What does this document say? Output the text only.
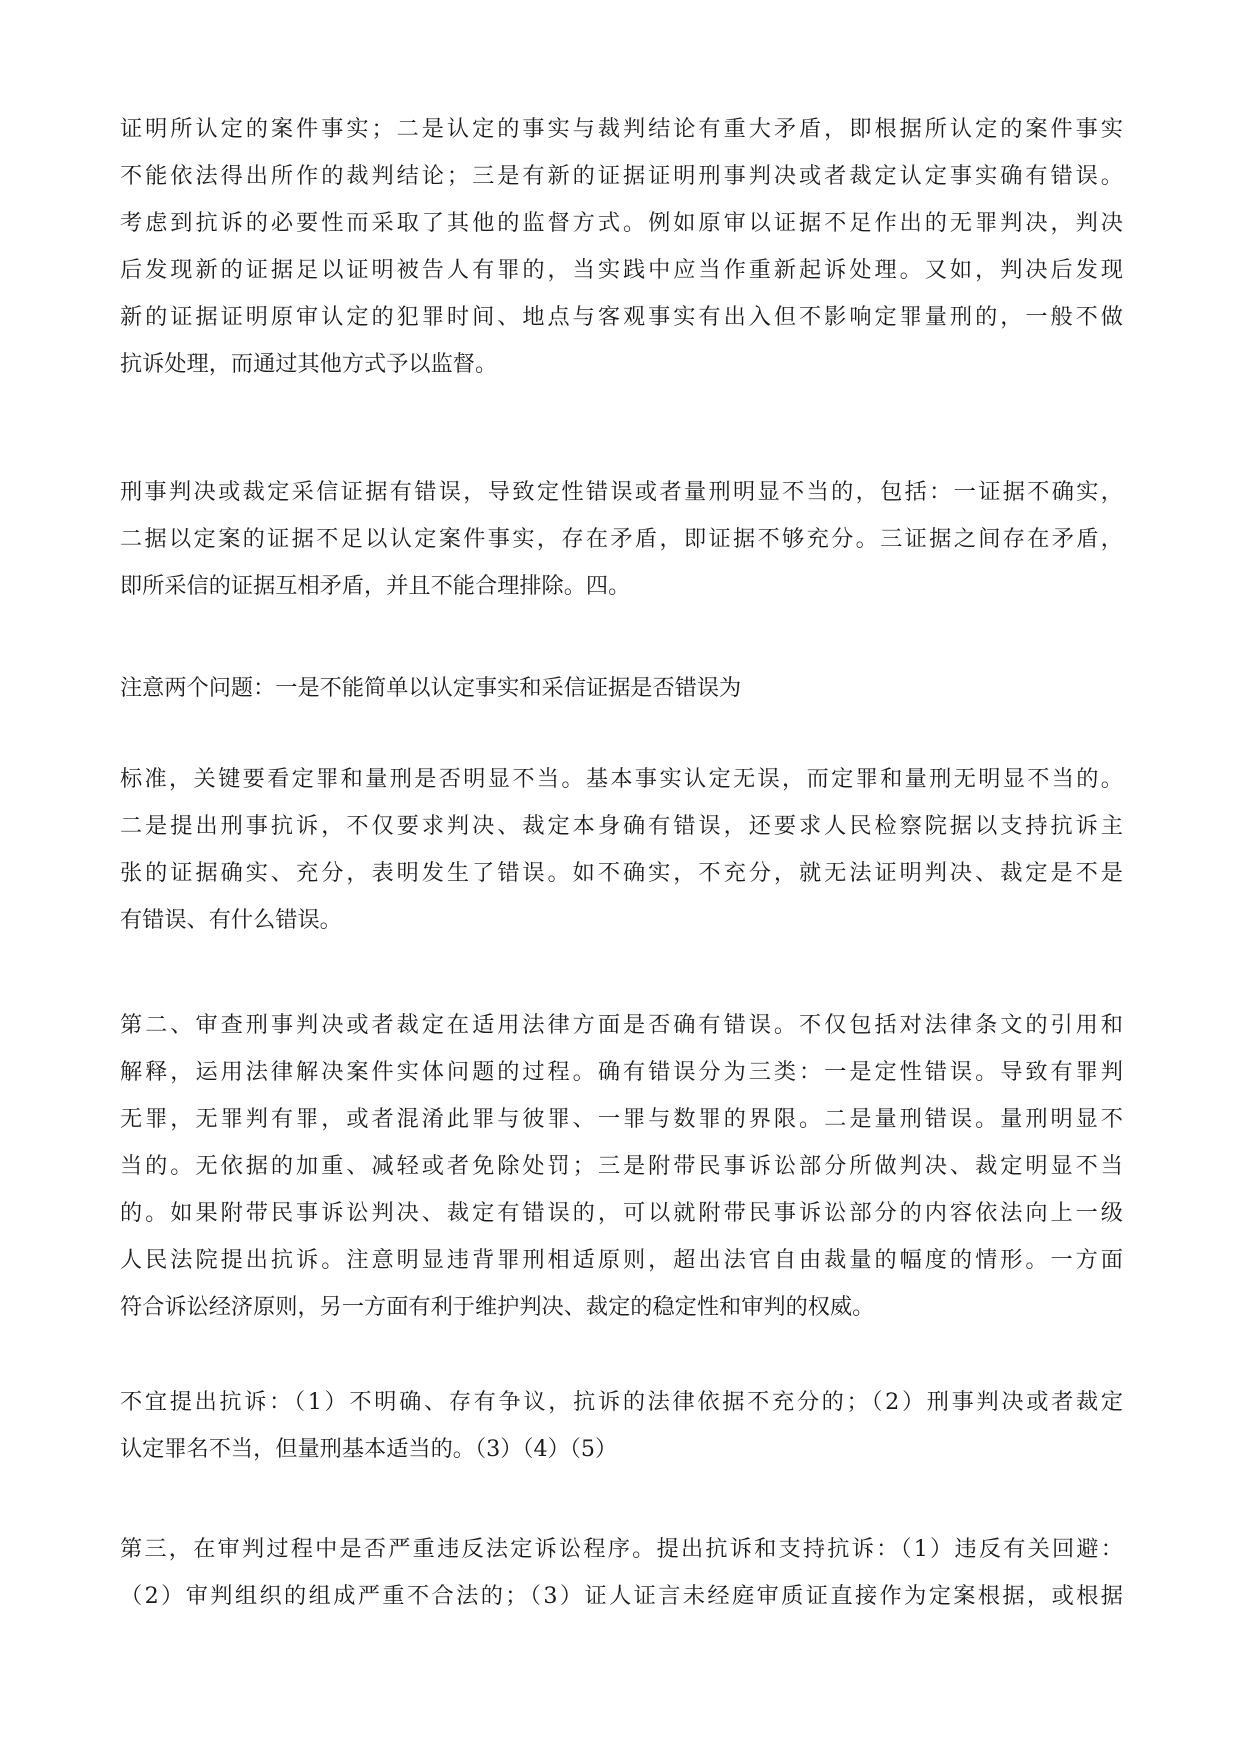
证明所认定的案件事实；二是认定的事实与裁判结论有重大矛盾，即根据所认定的案件事实
不能依法得出所作的裁判结论；三是有新的证据证明刑事判决或者裁定认定事实确有错误。
考虑到抗诉的必要性而采取了其他的监督方式。例如原审以证据不足作出的无罪判决，判决
后发现新的证据足以证明被告人有罪的，当实践中应当作重新起诉处理。又如，判决后发现
新的证据证明原审认定的犯罪时间、地点与客观事实有出入但不影响定罪量刑的，一般不做
抗诉处理，而通过其他方式予以监督。
刑事判决或裁定采信证据有错误，导致定性错误或者量刑明显不当的，包括：一证据不确实，
二据以定案的证据不足以认定案件事实，存在矛盾，即证据不够充分。三证据之间存在矛盾，
即所采信的证据互相矛盾，并且不能合理排除。四。
注意两个问题：一是不能简单以认定事实和采信证据是否错误为
标准，关键要看定罪和量刑是否明显不当。基本事实认定无误，而定罪和量刑无明显不当的。
二是提出刑事抗诉，不仅要求判决、裁定本身确有错误，还要求人民检察院据以支持抗诉主
张的证据确实、充分，表明发生了错误。如不确实，不充分，就无法证明判决、裁定是不是
有错误、有什么错误。
第二、审查刑事判决或者裁定在适用法律方面是否确有错误。不仅包括对法律条文的引用和
解释，运用法律解决案件实体问题的过程。确有错误分为三类：一是定性错误。导致有罪判
无罪，无罪判有罪，或者混淆此罪与彼罪、一罪与数罪的界限。二是量刑错误。量刑明显不
当的。无依据的加重、减轻或者免除处罚；三是附带民事诉讼部分所做判决、裁定明显不当
的。如果附带民事诉讼判决、裁定有错误的，可以就附带民事诉讼部分的内容依法向上一级
人民法院提出抗诉。注意明显违背罪刑相适原则，超出法官自由裁量的幅度的情形。一方面
符合诉讼经济原则，另一方面有利于维护判决、裁定的稳定性和审判的权威。
不宜提出抗诉：（1）不明确、存有争议，抗诉的法律依据不充分的；（2）刑事判决或者裁定
认定罪名不当，但量刑基本适当的。（3）（4）（5）
第三，在审判过程中是否严重违反法定诉讼程序。提出抗诉和支持抗诉：（1）违反有关回避：
（2）审判组织的组成严重不合法的；（3）证人证言未经庭审质证直接作为定案根据，或根据
